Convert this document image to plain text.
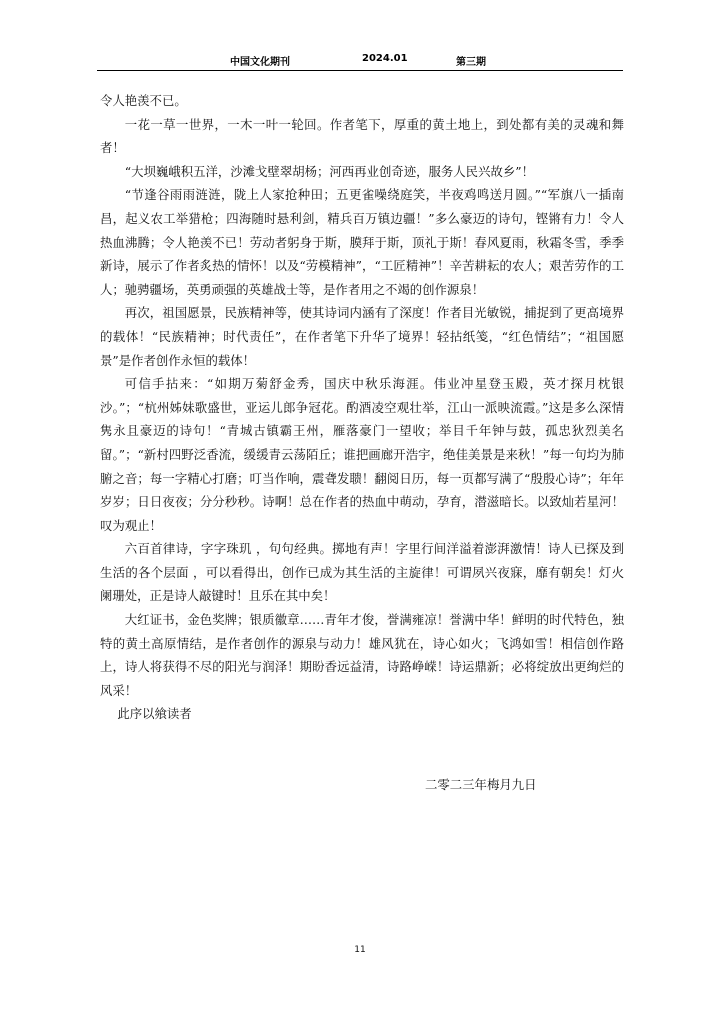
中国文化期刊	2024.01	第三期

令人艳羡不已。

一花一草一世界，一木一叶一轮回。作者笔下，厚重的黄土地上，到处都有美的灵魂和舞者！

“大坝巍峨积五洋，沙滩戈壁翠胡杨；河西再业创奇迹，服务人民兴故乡”！

“节逢谷雨雨涟涟，陇上人家抢种田；五更雀噪绕庭笑，半夜鸡鸣送月圆。”“军旗八一插南昌，起义农工举猎枪；四海随时悬利剑，精兵百万镇边疆！”多么豪迈的诗句，铿锵有力！令人热血沸腾；令人艳羡不已！劳动者躬身于斯，膜拜于斯，顶礼于斯！春风夏雨，秋霜冬雪，季季新诗，展示了作者炙热的情怀！以及“劳模精神”，“工匠精神”！辛苦耕耘的农人；艰苦劳作的工人；驰骋疆场，英勇顽强的英雄战士等，是作者用之不竭的创作源泉！

再次，祖国愿景，民族精神等，使其诗词内涵有了深度！作者目光敏锐，捕捉到了更高境界的载体！“民族精神；时代责任”，在作者笔下升华了境界！轻拈纸笺，“红色情结”；“祖国愿景”是作者创作永恒的载体！

可信手拈来：“如期万菊舒金秀，国庆中秋乐海涯。伟业冲星登玉殿，英才探月枕银沙。”；“杭州姊妹歌盛世，亚运儿郎争冠花。酌酒凌空观壮举，江山一派映流霞。”这是多么深情隽永且豪迈的诗句！“青城古镇霸王州，雁落豪门一望收；举目千年钟与鼓，孤忠狄烈美名留。”；“新村四野泛香流，缓缓青云荡陌丘；谁把画廊开浩宇，绝佳美景是来秋！”每一句均为肺腑之音；每一字精心打磨；叮当作响，震聋发聩！翻阅日历，每一页都写满了“殷殷心诗”；年年岁岁；日日夜夜；分分秒秒。诗啊！总在作者的热血中萌动，孕育，潜滋暗长。以致灿若星河！叹为观止！

六百首律诗，字字珠玑 ，句句经典。掷地有声！字里行间洋溢着澎湃激情！诗人已探及到生活的各个层面 ，可以看得出，创作已成为其生活的主旋律！可谓夙兴夜寐，靡有朝矣！灯火阑珊处，正是诗人敲键时！且乐在其中矣！

大红证书，金色奖牌；银质徽章……青年才俊，誉满雍凉！誉满中华！鲜明的时代特色，独特的黄土高原情结，是作者创作的源泉与动力！雄风犹在，诗心如火；飞鸿如雪！相信创作路上，诗人将获得不尽的阳光与润泽！期盼香远益清，诗路峥嵘！诗运鼎新；必将绽放出更绚烂的风采！

此序以飨读者

二零二三年梅月九日
11
